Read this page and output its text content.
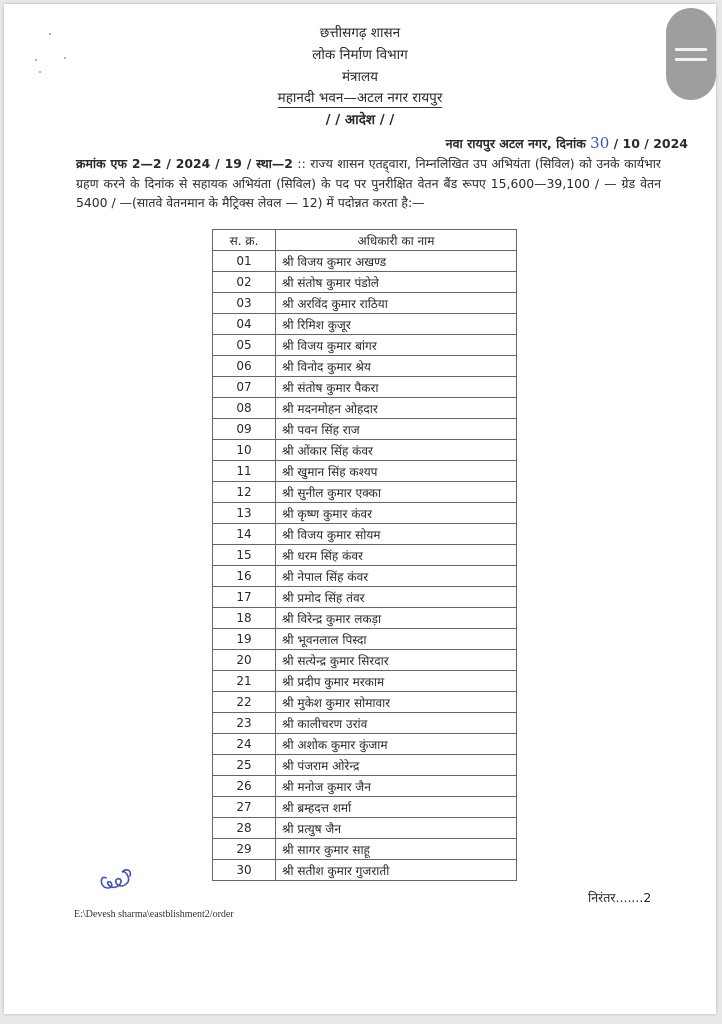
छत्तीसगढ़ शासन
लोक निर्माण विभाग
मंत्रालय
महानदी भवन—अटल नगर रायपुर
/ / आदेश / /
नवा रायपुर अटल नगर, दिनांक 30 / 10 / 2024
क्रमांक एफ 2—2 / 2024 / 19 / स्था—2 :: राज्य शासन एतद्द्वारा, निम्नलिखित उप अभियंता (सिविल) को उनके कार्यभार ग्रहण करने के दिनांक से सहायक अभियंता (सिविल) के पद पर पुनरीक्षित वेतन बैंड रूपए 15,600—39,100 / — ग्रेड वेतन 5400 / —(सातवे वेतनमान के मैट्रिक्स लेवल — 12) में पदोन्नत करता है:—
स. क्र.	अधिकारी का नाम
01	श्री विजय कुमार अखण्ड
02	श्री संतोष कुमार पंडोले
03	श्री अरविंद कुमार राठिया
04	श्री रिमिश कुजूर
05	श्री विजय कुमार बांगर
06	श्री विनोद कुमार श्रेय
07	श्री संतोष कुमार पैकरा
08	श्री मदनमोहन ओहदार
09	श्री पवन सिंह राज
10	श्री ओंकार सिंह कंवर
11	श्री खुमान सिंह कश्यप
12	श्री सुनील कुमार एक्का
13	श्री कृष्ण कुमार कंवर
14	श्री विजय कुमार सोयम
15	श्री धरम सिंह कंवर
16	श्री नेपाल सिंह कंवर
17	श्री प्रमोद सिंह तंवर
18	श्री विरेन्द्र कुमार लकड़ा
19	श्री भूवनलाल पिस्दा
20	श्री सत्येन्द्र कुमार सिरदार
21	श्री प्रदीप कुमार मरकाम
22	श्री मुकेश कुमार सोमावार
23	श्री कालीचरण उरांव
24	श्री अशोक कुमार कुंजाम
25	श्री पंजराम ओरेन्द्र
26	श्री मनोज कुमार जैन
27	श्री ब्रम्हदत्त शर्मा
28	श्री प्रत्युष जैन
29	श्री सागर कुमार साहू
30	श्री सतीश कुमार गुजराती
E:\Devesh sharma\eastblishment2/order
निरंतर.......2
